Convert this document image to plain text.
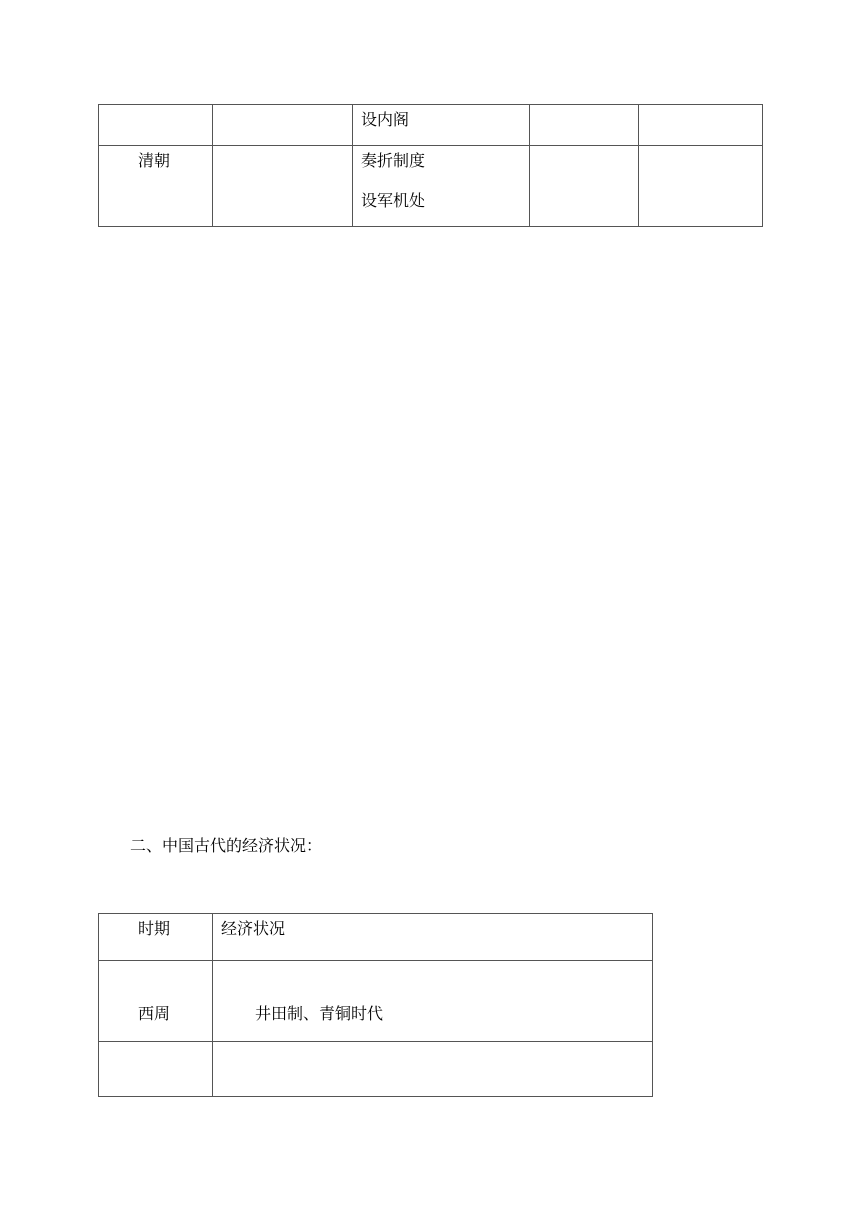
		设内阁		

清朝		奏折制度
设军机处		

二、中国古代的经济状况：
时期	经济状况

西周	井田制、青铜时代
